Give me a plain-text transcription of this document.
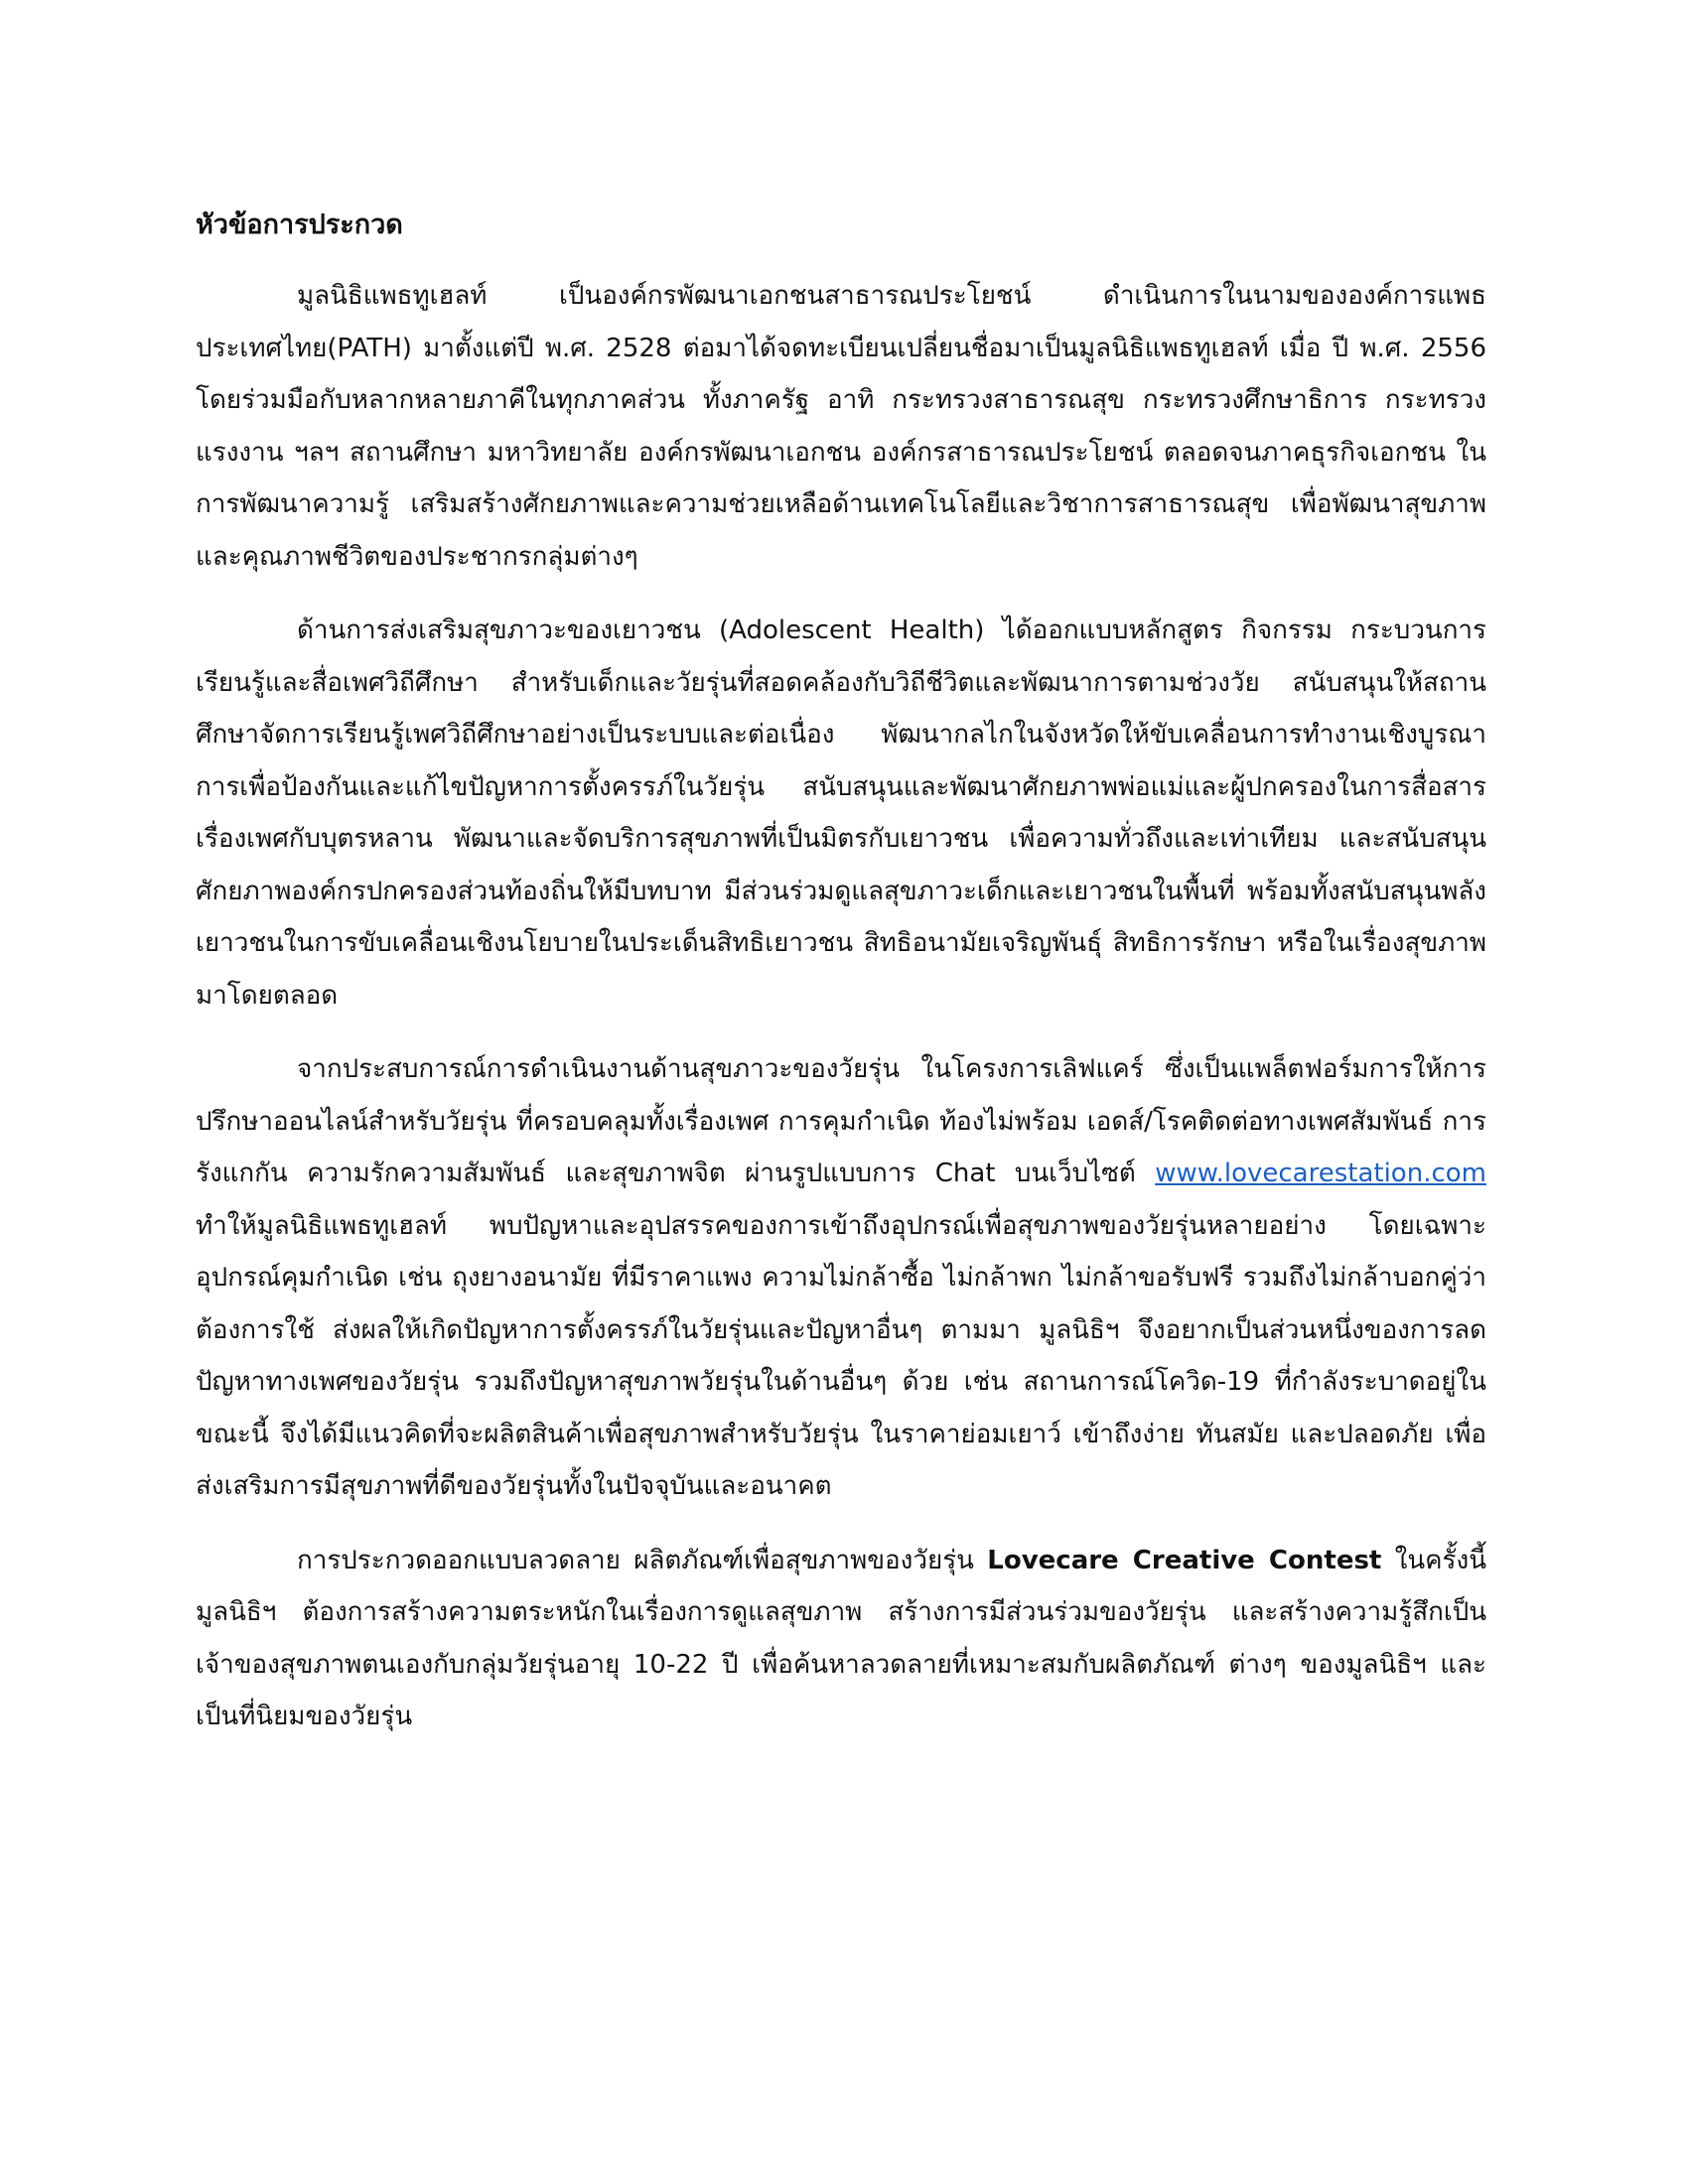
หัวข้อการประกวด

มูลนิธิแพธทูเฮลท์ เป็นองค์กรพัฒนาเอกชนสาธารณประโยชน์ ดำเนินการในนามขององค์การแพธประเทศไทย(PATH) มาตั้งแต่ปี พ.ศ. 2528 ต่อมาได้จดทะเบียนเปลี่ยนชื่อมาเป็นมูลนิธิแพธทูเฮลท์ เมื่อ ปี พ.ศ. 2556 โดยร่วมมือกับหลากหลายภาคีในทุกภาคส่วน ทั้งภาครัฐ อาทิ กระทรวงสาธารณสุข กระทรวงศึกษาธิการ กระทรวงแรงงาน ฯลฯ สถานศึกษา มหาวิทยาลัย องค์กรพัฒนาเอกชน องค์กรสาธารณประโยชน์ ตลอดจนภาคธุรกิจเอกชน ในการพัฒนาความรู้ เสริมสร้างศักยภาพและความช่วยเหลือด้านเทคโนโลยีและวิชาการสาธารณสุข เพื่อพัฒนาสุขภาพและคุณภาพชีวิตของประชากรกลุ่มต่างๆ

ด้านการส่งเสริมสุขภาวะของเยาวชน (Adolescent Health) ได้ออกแบบหลักสูตร กิจกรรม กระบวนการเรียนรู้และสื่อเพศวิถีศึกษา สำหรับเด็กและวัยรุ่นที่สอดคล้องกับวิถีชีวิตและพัฒนาการตามช่วงวัย สนับสนุนให้สถานศึกษาจัดการเรียนรู้เพศวิถีศึกษาอย่างเป็นระบบและต่อเนื่อง พัฒนากลไกในจังหวัดให้ขับเคลื่อนการทำงานเชิงบูรณาการเพื่อป้องกันและแก้ไขปัญหาการตั้งครรภ์ในวัยรุ่น สนับสนุนและพัฒนาศักยภาพพ่อแม่และผู้ปกครองในการสื่อสารเรื่องเพศกับบุตรหลาน พัฒนาและจัดบริการสุขภาพที่เป็นมิตรกับเยาวชน เพื่อความทั่วถึงและเท่าเทียม และสนับสนุนศักยภาพองค์กรปกครองส่วนท้องถิ่นให้มีบทบาท มีส่วนร่วมดูแลสุขภาวะเด็กและเยาวชนในพื้นที่ พร้อมทั้งสนับสนุนพลังเยาวชนในการขับเคลื่อนเชิงนโยบายในประเด็นสิทธิเยาวชน สิทธิอนามัยเจริญพันธุ์ สิทธิการรักษา หรือในเรื่องสุขภาพมาโดยตลอด

จากประสบการณ์การดำเนินงานด้านสุขภาวะของวัยรุ่น ในโครงการเลิฟแคร์ ซึ่งเป็นแพล็ตฟอร์มการให้การปรึกษาออนไลน์สำหรับวัยรุ่น ที่ครอบคลุมทั้งเรื่องเพศ การคุมกำเนิด ท้องไม่พร้อม เอดส์/โรคติดต่อทางเพศสัมพันธ์ การรังแกกัน ความรักความสัมพันธ์ และสุขภาพจิต ผ่านรูปแบบการ Chat บนเว็บไซต์ www.lovecarestation.com ทำให้มูลนิธิแพธทูเฮลท์ พบปัญหาและอุปสรรคของการเข้าถึงอุปกรณ์เพื่อสุขภาพของวัยรุ่นหลายอย่าง โดยเฉพาะอุปกรณ์คุมกำเนิด เช่น ถุงยางอนามัย ที่มีราคาแพง ความไม่กล้าซื้อ ไม่กล้าพก ไม่กล้าขอรับฟรี รวมถึงไม่กล้าบอกคู่ว่าต้องการใช้ ส่งผลให้เกิดปัญหาการตั้งครรภ์ในวัยรุ่นและปัญหาอื่นๆ ตามมา มูลนิธิฯ จึงอยากเป็นส่วนหนึ่งของการลดปัญหาทางเพศของวัยรุ่น รวมถึงปัญหาสุขภาพวัยรุ่นในด้านอื่นๆ ด้วย เช่น สถานการณ์โควิด-19 ที่กำลังระบาดอยู่ในขณะนี้ จึงได้มีแนวคิดที่จะผลิตสินค้าเพื่อสุขภาพสำหรับวัยรุ่น ในราคาย่อมเยาว์ เข้าถึงง่าย ทันสมัย และปลอดภัย เพื่อส่งเสริมการมีสุขภาพที่ดีของวัยรุ่นทั้งในปัจจุบันและอนาคต

การประกวดออกแบบลวดลาย ผลิตภัณฑ์เพื่อสุขภาพของวัยรุ่น Lovecare Creative Contest ในครั้งนี้ มูลนิธิฯ ต้องการสร้างความตระหนักในเรื่องการดูแลสุขภาพ สร้างการมีส่วนร่วมของวัยรุ่น และสร้างความรู้สึกเป็นเจ้าของสุขภาพตนเองกับกลุ่มวัยรุ่นอายุ 10-22 ปี เพื่อค้นหาลวดลายที่เหมาะสมกับผลิตภัณฑ์ ต่างๆ ของมูลนิธิฯ และเป็นที่นิยมของวัยรุ่น
